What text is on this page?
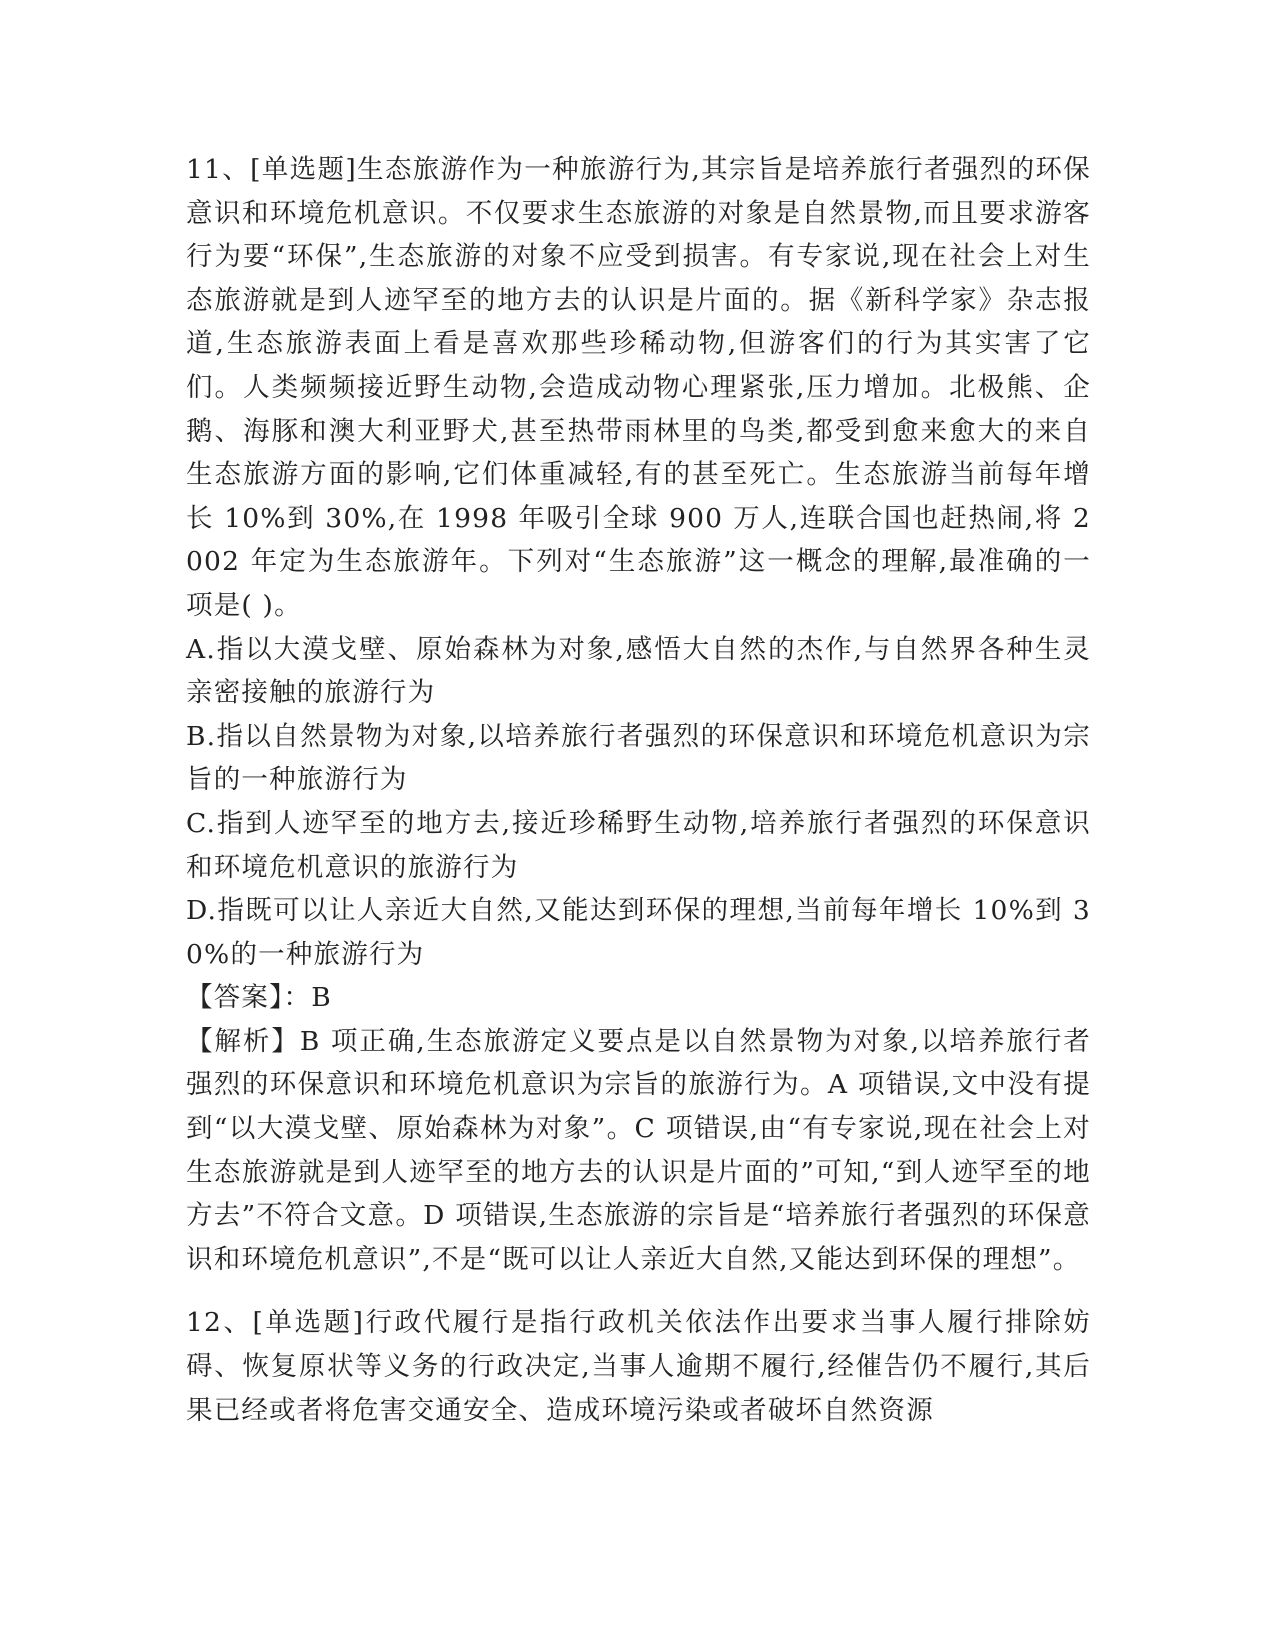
11、[单选题]生态旅游作为一种旅游行为,其宗旨是培养旅行者强烈的环保意识和环境危机意识。不仅要求生态旅游的对象是自然景物,而且要求游客行为要“环保”,生态旅游的对象不应受到损害。有专家说,现在社会上对生态旅游就是到人迹罕至的地方去的认识是片面的。据《新科学家》杂志报道,生态旅游表面上看是喜欢那些珍稀动物,但游客们的行为其实害了它们。人类频频接近野生动物,会造成动物心理紧张,压力增加。北极熊、企鹅、海豚和澳大利亚野犬,甚至热带雨林里的鸟类,都受到愈来愈大的来自生态旅游方面的影响,它们体重减轻,有的甚至死亡。生态旅游当前每年增长 10%到 30%,在 1998 年吸引全球 900 万人,连联合国也赶热闹,将 2002 年定为生态旅游年。下列对“生态旅游”这一概念的理解,最准确的一项是( )。

A.指以大漠戈壁、原始森林为对象,感悟大自然的杰作,与自然界各种生灵亲密接触的旅游行为

B.指以自然景物为对象,以培养旅行者强烈的环保意识和环境危机意识为宗旨的一种旅游行为

C.指到人迹罕至的地方去,接近珍稀野生动物,培养旅行者强烈的环保意识和环境危机意识的旅游行为

D.指既可以让人亲近大自然,又能达到环保的理想,当前每年增长 10%到 30%的一种旅游行为

【答案】：B

【解析】B 项正确,生态旅游定义要点是以自然景物为对象,以培养旅行者强烈的环保意识和环境危机意识为宗旨的旅游行为。A 项错误,文中没有提到“以大漠戈壁、原始森林为对象”。C 项错误,由“有专家说,现在社会上对生态旅游就是到人迹罕至的地方去的认识是片面的”可知,“到人迹罕至的地方去”不符合文意。D 项错误,生态旅游的宗旨是“培养旅行者强烈的环保意识和环境危机意识”,不是“既可以让人亲近大自然,又能达到环保的理想”。

12、[单选题]行政代履行是指行政机关依法作出要求当事人履行排除妨碍、恢复原状等义务的行政决定,当事人逾期不履行,经催告仍不履行,其后果已经或者将危害交通安全、造成环境污染或者破坏自然资源
